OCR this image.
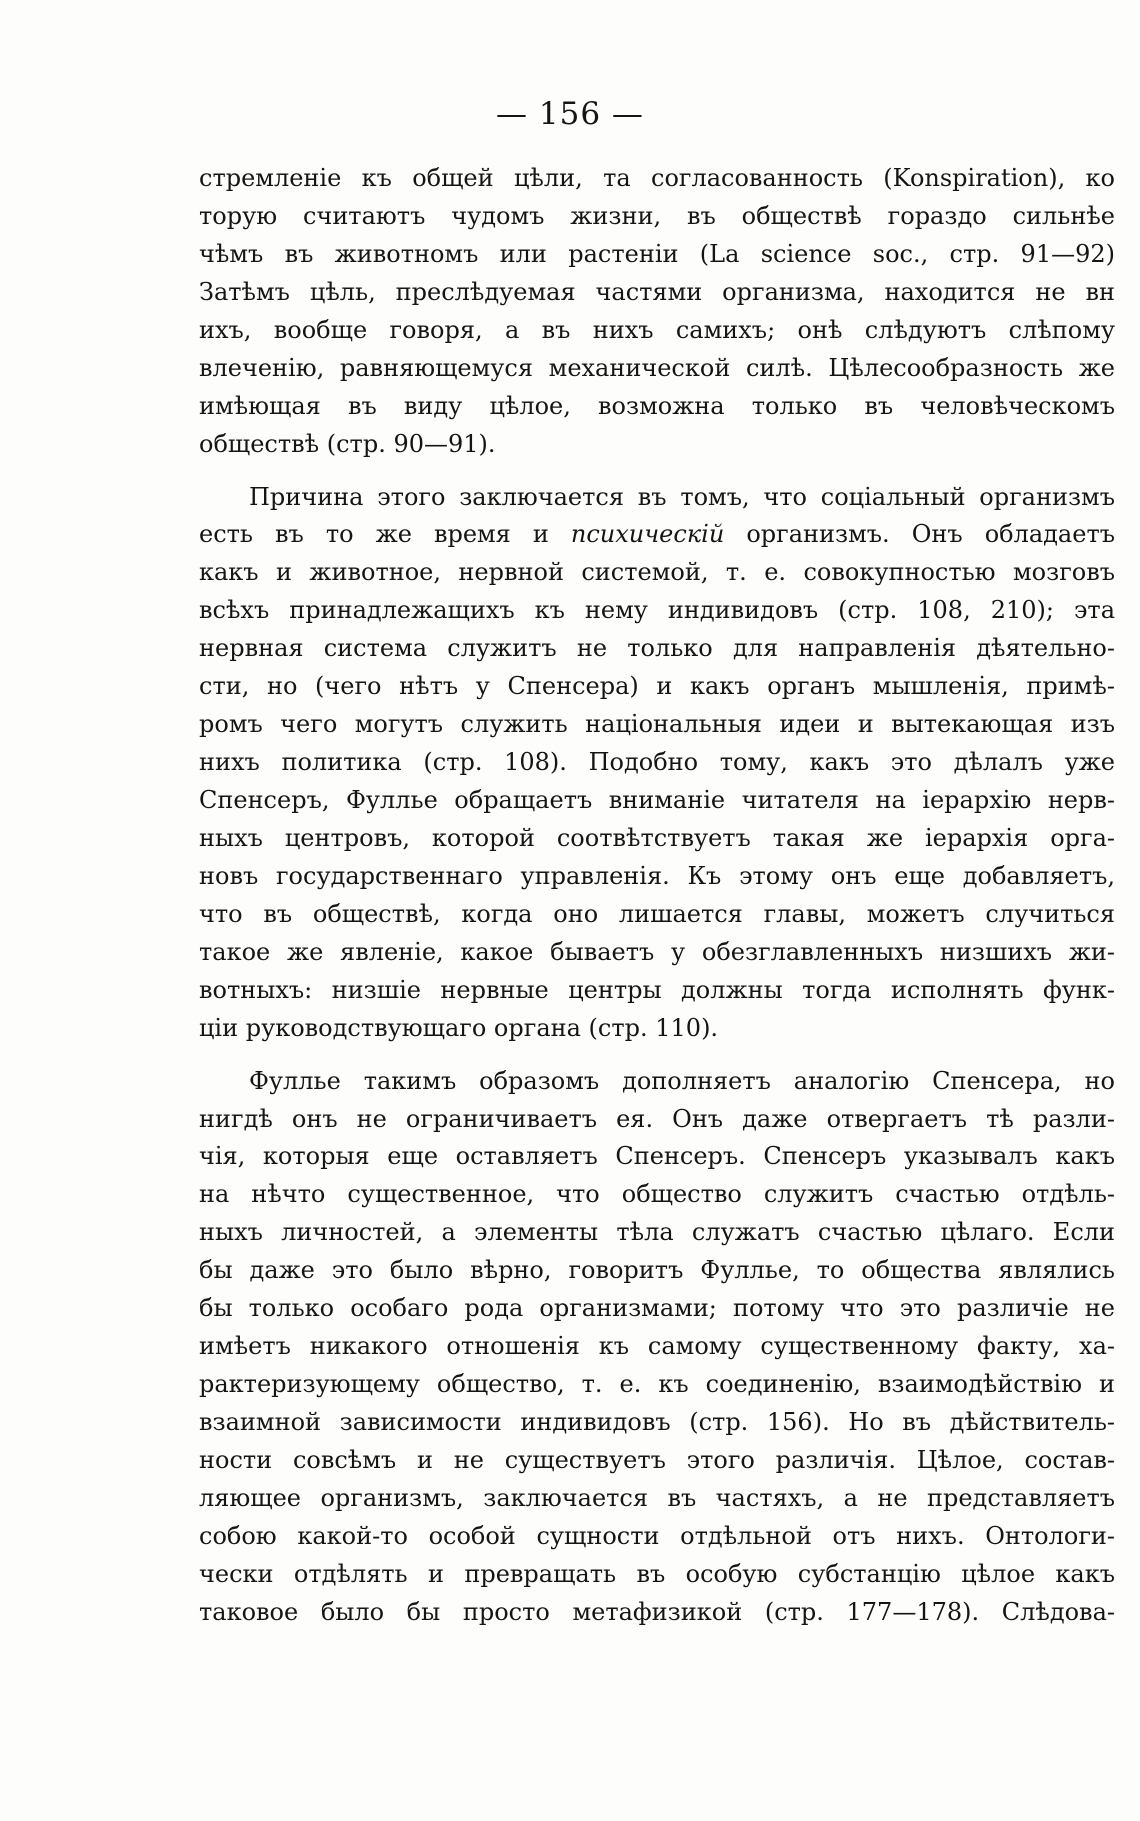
— 156 —
стремленіе къ общей цѣли, та согласованность (Konspiration), ко
торую считаютъ чудомъ жизни, въ обществѣ гораздо сильнѣе
чѣмъ въ животномъ или растеніи (La science soc., стр. 91—92)
Затѣмъ цѣль, преслѣдуемая частями организма, находится не вн
ихъ, вообще говоря, а въ нихъ самихъ; онѣ слѣдуютъ слѣпому
влеченію, равняющемуся механической силѣ. Цѣлесообразность же
имѣющая въ виду цѣлое, возможна только въ человѣческомъ
обществѣ (стр. 90—91).
Причина этого заключается въ томъ, что соціальный организмъ
есть въ то же время и психическій организмъ. Онъ обладаетъ
какъ и животное, нервной системой, т. е. совокупностью мозговъ
всѣхъ принадлежащихъ къ нему индивидовъ (стр. 108, 210); эта
нервная система служитъ не только для направленія дѣятельно-
сти, но (чего нѣтъ у Спенсера) и какъ органъ мышленія, примѣ-
ромъ чего могутъ служить національныя идеи и вытекающая изъ
нихъ политика (стр. 108). Подобно тому, какъ это дѣлалъ уже
Спенсеръ, Фулльe обращаетъ вниманіе читателя на іерархію нерв-
ныхъ центровъ, которой соотвѣтствуетъ такая же іерархія орга-
новъ государственнаго управленія. Къ этому онъ еще добавляетъ,
что въ обществѣ, когда оно лишается главы, можетъ случиться
такое же явленіе, какое бываетъ у обезглавленныхъ низшихъ жи-
вотныхъ: низшіе нервные центры должны тогда исполнять функ-
ціи руководствующаго органа (стр. 110).
Фулльe такимъ образомъ дополняетъ аналогію Спенсера, но
нигдѣ онъ не ограничиваетъ ея. Онъ даже отвергаетъ тѣ разли-
чія, которыя еще оставляетъ Спенсеръ. Спенсеръ указывалъ какъ
на нѣчто существенное, что общество служитъ счастью отдѣль-
ныхъ личностей, а элементы тѣла служатъ счастью цѣлаго. Если
бы даже это было вѣрно, говоритъ Фулльe, то общества являлись
бы только особаго рода организмами; потому что это различіе не
имѣетъ никакого отношенія къ самому существенному факту, ха-
рактеризующему общество, т. е. къ соединенію, взаимодѣйствію и
взаимной зависимости индивидовъ (стр. 156). Но въ дѣйствитель-
ности совсѣмъ и не существуетъ этого различія. Цѣлое, состав-
ляющее организмъ, заключается въ частяхъ, а не представляетъ
собою какой-то особой сущности отдѣльной отъ нихъ. Онтологи-
чески отдѣлять и превращать въ особую субстанцію цѣлое какъ
таковое было бы просто метафизикой (стр. 177—178). Слѣдова-
